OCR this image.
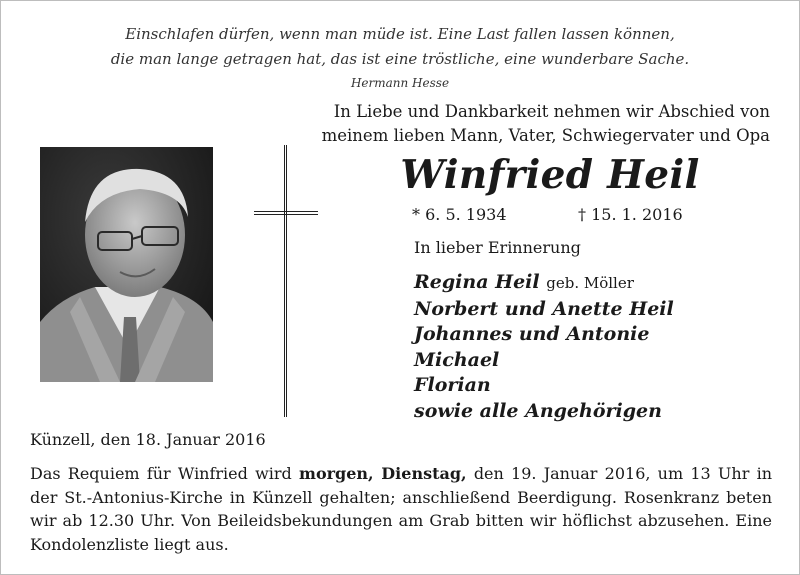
Einschlafen dürfen, wenn man müde ist. Eine Last fallen lassen können,
die man lange getragen hat, das ist eine tröstliche, eine wunderbare Sache.
Hermann Hesse
In Liebe und Dankbarkeit nehmen wir Abschied von
meinem lieben Mann, Vater, Schwiegervater und Opa
Winfried Heil
* 6. 5. 1934	† 15. 1. 2016
In lieber Erinnerung
Regina Heil geb. Möller
Norbert und Anette Heil
Johannes und Antonie
Michael
Florian
sowie alle Angehörigen
Künzell, den 18. Januar 2016
Das Requiem für Winfried wird morgen, Dienstag, den 19. Januar 2016, um 13 Uhr in der St.-Antonius-Kirche in Künzell gehalten; anschließend Beerdigung. Rosenkranz beten wir ab 12.30 Uhr. Von Beileidsbekundungen am Grab bitten wir höflichst abzusehen. Eine Kondolenzliste liegt aus.
